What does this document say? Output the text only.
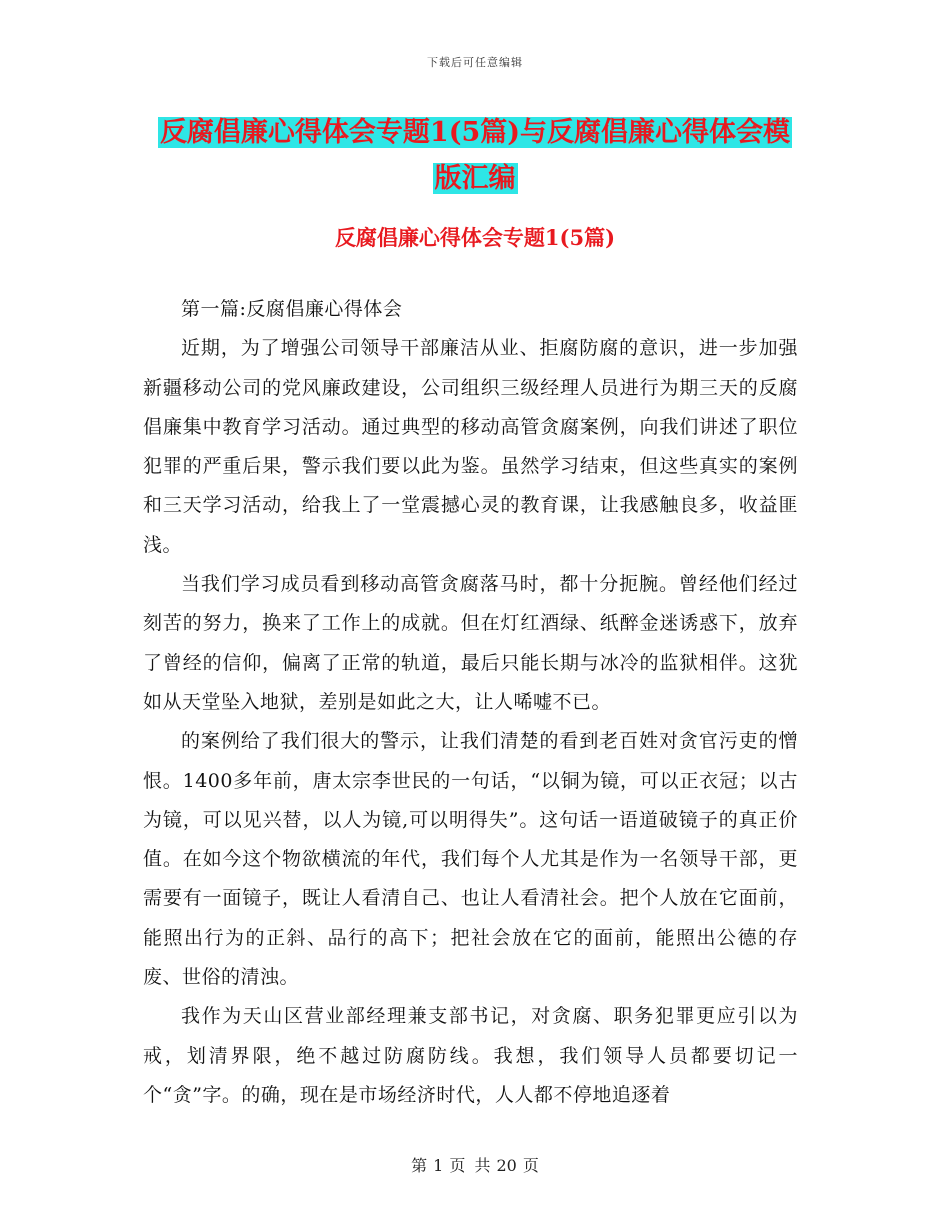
下载后可任意编辑
反腐倡廉心得体会专题1(5篇)与反腐倡廉心得体会模
版汇编
反腐倡廉心得体会专题1(5篇)

第一篇:反腐倡廉心得体会

近期，为了增强公司领导干部廉洁从业、拒腐防腐的意识，进一步加强新疆移动公司的党风廉政建设，公司组织三级经理人员进行为期三天的反腐倡廉集中教育学习活动。通过典型的移动高管贪腐案例，向我们讲述了职位犯罪的严重后果，警示我们要以此为鉴。虽然学习结束，但这些真实的案例和三天学习活动，给我上了一堂震撼心灵的教育课，让我感触良多，收益匪浅。

当我们学习成员看到移动高管贪腐落马时，都十分扼腕。曾经他们经过刻苦的努力，换来了工作上的成就。但在灯红酒绿、纸醉金迷诱惑下，放弃了曾经的信仰，偏离了正常的轨道，最后只能长期与冰冷的监狱相伴。这犹如从天堂坠入地狱，差别是如此之大，让人唏嘘不已。

的案例给了我们很大的警示，让我们清楚的看到老百姓对贪官污吏的憎恨。1400多年前，唐太宗李世民的一句话，“以铜为镜，可以正衣冠；以古为镜，可以见兴替，以人为镜,可以明得失”。这句话一语道破镜子的真正价值。在如今这个物欲横流的年代，我们每个人尤其是作为一名领导干部，更需要有一面镜子，既让人看清自己、也让人看清社会。把个人放在它面前，能照出行为的正斜、品行的高下；把社会放在它的面前，能照出公德的存废、世俗的清浊。

我作为天山区营业部经理兼支部书记，对贪腐、职务犯罪更应引以为戒，划清界限，绝不越过防腐防线。我想，我们领导人员都要切记一个“贪”字。的确，现在是市场经济时代，人人都不停地追逐着

第 1 页 共 20 页
